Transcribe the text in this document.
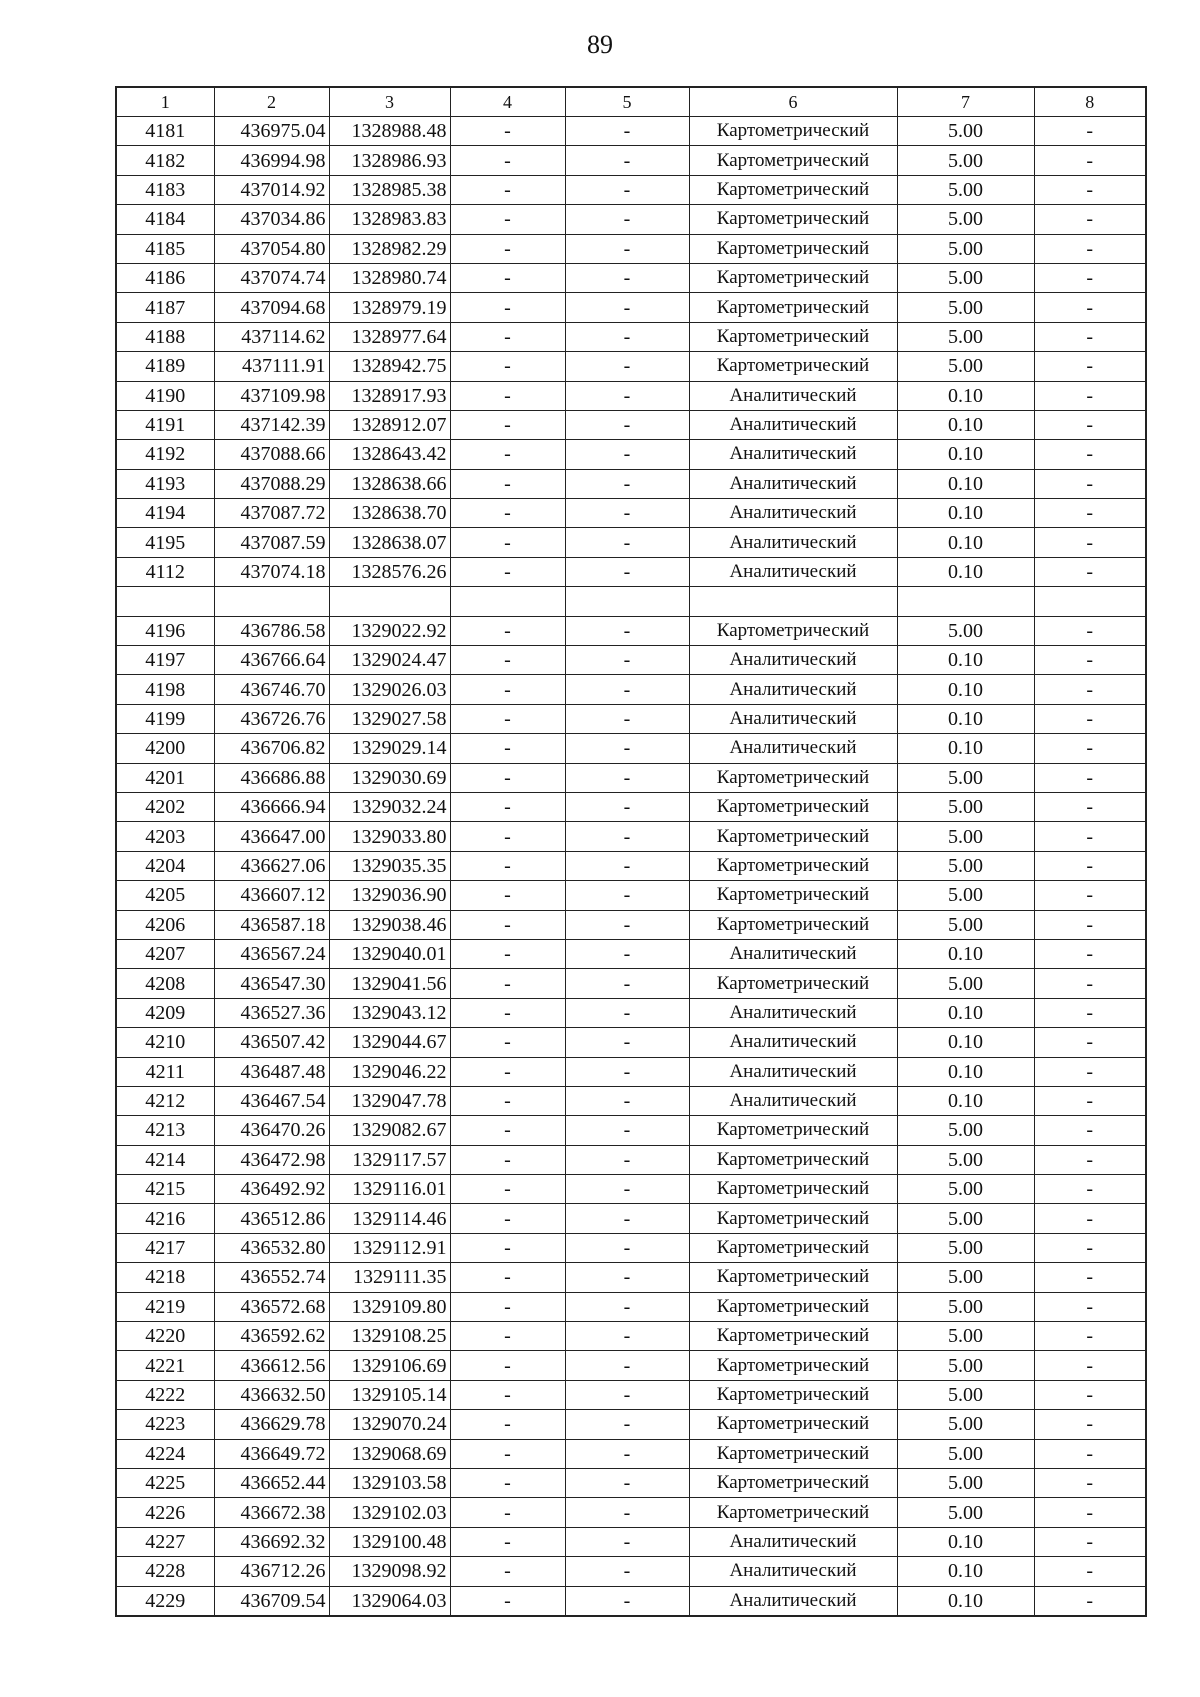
89
1	2	3	4	5	6	7	8
4181	436975.04	1328988.48	-	-	Картометрический	5.00	-
4182	436994.98	1328986.93	-	-	Картометрический	5.00	-
4183	437014.92	1328985.38	-	-	Картометрический	5.00	-
4184	437034.86	1328983.83	-	-	Картометрический	5.00	-
4185	437054.80	1328982.29	-	-	Картометрический	5.00	-
4186	437074.74	1328980.74	-	-	Картометрический	5.00	-
4187	437094.68	1328979.19	-	-	Картометрический	5.00	-
4188	437114.62	1328977.64	-	-	Картометрический	5.00	-
4189	437111.91	1328942.75	-	-	Картометрический	5.00	-
4190	437109.98	1328917.93	-	-	Аналитический	0.10	-
4191	437142.39	1328912.07	-	-	Аналитический	0.10	-
4192	437088.66	1328643.42	-	-	Аналитический	0.10	-
4193	437088.29	1328638.66	-	-	Аналитический	0.10	-
4194	437087.72	1328638.70	-	-	Аналитический	0.10	-
4195	437087.59	1328638.07	-	-	Аналитический	0.10	-
4112	437074.18	1328576.26	-	-	Аналитический	0.10	-

4196	436786.58	1329022.92	-	-	Картометрический	5.00	-
4197	436766.64	1329024.47	-	-	Аналитический	0.10	-
4198	436746.70	1329026.03	-	-	Аналитический	0.10	-
4199	436726.76	1329027.58	-	-	Аналитический	0.10	-
4200	436706.82	1329029.14	-	-	Аналитический	0.10	-
4201	436686.88	1329030.69	-	-	Картометрический	5.00	-
4202	436666.94	1329032.24	-	-	Картометрический	5.00	-
4203	436647.00	1329033.80	-	-	Картометрический	5.00	-
4204	436627.06	1329035.35	-	-	Картометрический	5.00	-
4205	436607.12	1329036.90	-	-	Картометрический	5.00	-
4206	436587.18	1329038.46	-	-	Картометрический	5.00	-
4207	436567.24	1329040.01	-	-	Аналитический	0.10	-
4208	436547.30	1329041.56	-	-	Картометрический	5.00	-
4209	436527.36	1329043.12	-	-	Аналитический	0.10	-
4210	436507.42	1329044.67	-	-	Аналитический	0.10	-
4211	436487.48	1329046.22	-	-	Аналитический	0.10	-
4212	436467.54	1329047.78	-	-	Аналитический	0.10	-
4213	436470.26	1329082.67	-	-	Картометрический	5.00	-
4214	436472.98	1329117.57	-	-	Картометрический	5.00	-
4215	436492.92	1329116.01	-	-	Картометрический	5.00	-
4216	436512.86	1329114.46	-	-	Картометрический	5.00	-
4217	436532.80	1329112.91	-	-	Картометрический	5.00	-
4218	436552.74	1329111.35	-	-	Картометрический	5.00	-
4219	436572.68	1329109.80	-	-	Картометрический	5.00	-
4220	436592.62	1329108.25	-	-	Картометрический	5.00	-
4221	436612.56	1329106.69	-	-	Картометрический	5.00	-
4222	436632.50	1329105.14	-	-	Картометрический	5.00	-
4223	436629.78	1329070.24	-	-	Картометрический	5.00	-
4224	436649.72	1329068.69	-	-	Картометрический	5.00	-
4225	436652.44	1329103.58	-	-	Картометрический	5.00	-
4226	436672.38	1329102.03	-	-	Картометрический	5.00	-
4227	436692.32	1329100.48	-	-	Аналитический	0.10	-
4228	436712.26	1329098.92	-	-	Аналитический	0.10	-
4229	436709.54	1329064.03	-	-	Аналитический	0.10	-
